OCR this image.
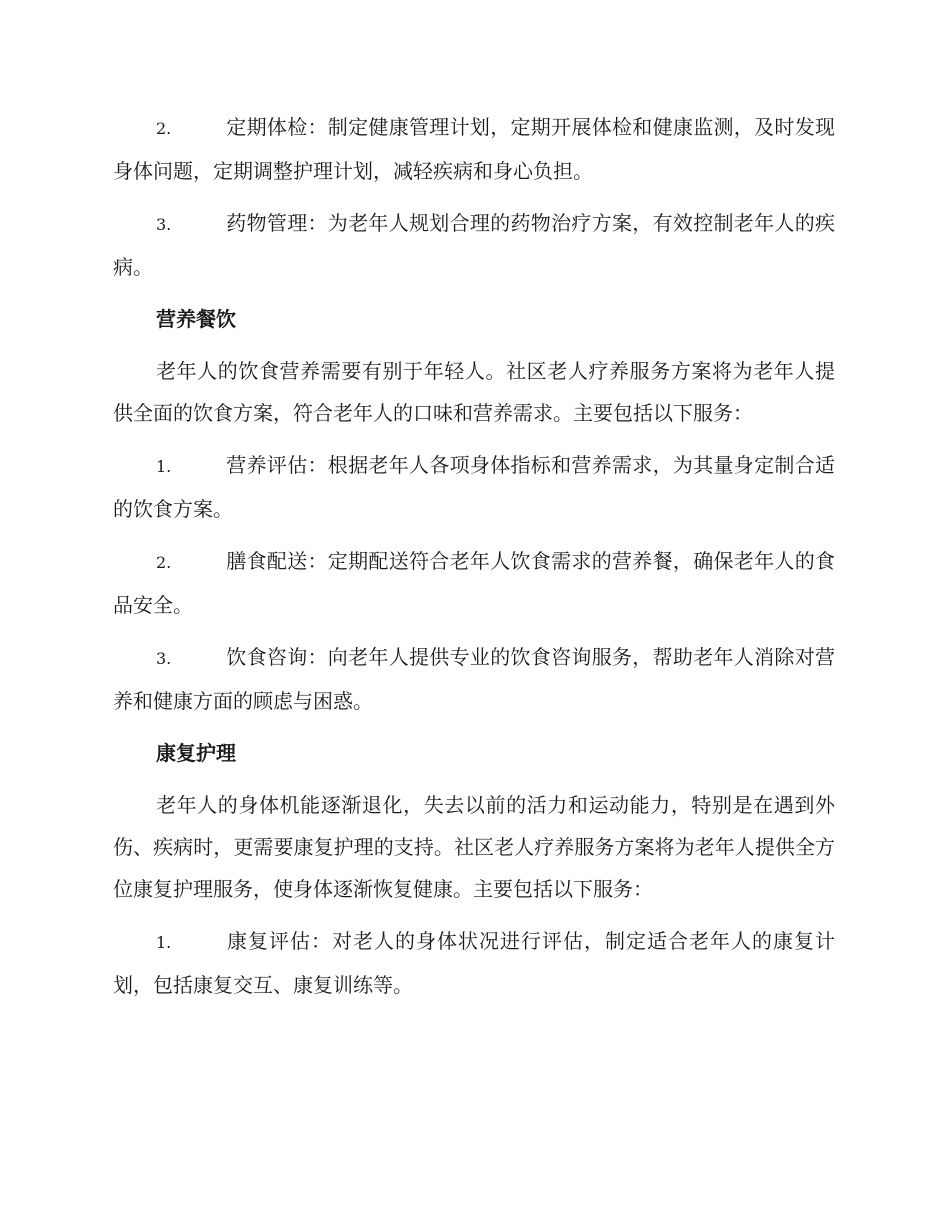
2.	定期体检：制定健康管理计划，定期开展体检和健康监测，及时发现身体问题，定期调整护理计划，减轻疾病和身心负担。

3.	药物管理：为老年人规划合理的药物治疗方案，有效控制老年人的疾病。

营养餐饮

老年人的饮食营养需要有别于年轻人。社区老人疗养服务方案将为老年人提供全面的饮食方案，符合老年人的口味和营养需求。主要包括以下服务：

1.	营养评估：根据老年人各项身体指标和营养需求，为其量身定制合适的饮食方案。

2.	膳食配送：定期配送符合老年人饮食需求的营养餐，确保老年人的食品安全。

3.	饮食咨询：向老年人提供专业的饮食咨询服务，帮助老年人消除对营养和健康方面的顾虑与困惑。

康复护理

老年人的身体机能逐渐退化，失去以前的活力和运动能力，特别是在遇到外伤、疾病时，更需要康复护理的支持。社区老人疗养服务方案将为老年人提供全方位康复护理服务，使身体逐渐恢复健康。主要包括以下服务：

1.	康复评估：对老人的身体状况进行评估，制定适合老年人的康复计划，包括康复交互、康复训练等。
